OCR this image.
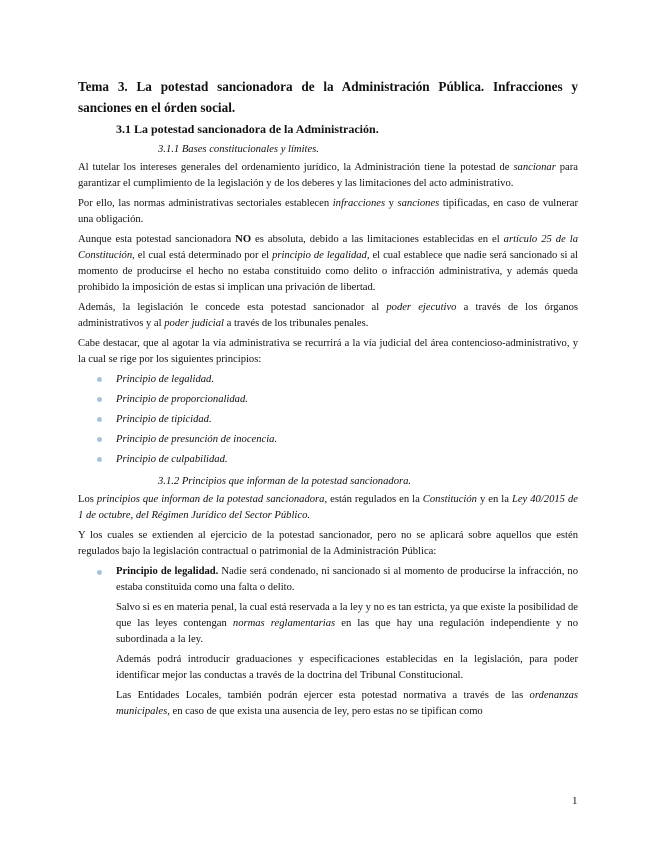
Tema 3. La potestad sancionadora de la Administración Pública. Infracciones y sanciones en el órden social.
3.1 La potestad sancionadora de la Administración.
3.1.1 Bases constitucionales y límites.

Al tutelar los intereses generales del ordenamiento jurídico, la Administración tiene la potestad de sancionar para garantizar el cumplimiento de la legislación y de los deberes y las limitaciones del acto administrativo.

Por ello, las normas administrativas sectoriales establecen infracciones y sanciones tipificadas, en caso de vulnerar una obligación.

Aunque esta potestad sancionadora NO es absoluta, debido a las limitaciones establecidas en el artículo 25 de la Constitución, el cual está determinado por el principio de legalidad, el cual establece que nadie será sancionado si al momento de producirse el hecho no estaba constituido como delito o infracción administrativa, y además queda prohibido la imposición de estas si implican una privación de libertad.

Además, la legislación le concede esta potestad sancionador al poder ejecutivo a través de los órganos administrativos y al poder judicial a través de los tribunales penales.

Cabe destacar, que al agotar la vía administrativa se recurrirá a la vía judicial del área contencioso-administrativo, y la cual se rige por los siguientes principios:

Principio de legalidad.
Principio de proporcionalidad.
Principio de tipicidad.
Principio de presunción de inocencia.
Principio de culpabilidad.
3.1.2 Principios que informan de la potestad sancionadora.

Los principios que informan de la potestad sancionadora, están regulados en la Constitución y en la Ley 40/2015 de 1 de octubre, del Régimen Jurídico del Sector Público.

Y los cuales se extienden al ejercicio de la potestad sancionador, pero no se aplicará sobre aquellos que estén regulados bajo la legislación contractual o patrimonial de la Administración Pública:

Principio de legalidad. Nadie será condenado, ni sancionado si al momento de producirse la infracción, no estaba constituida como una falta o delito.

Salvo si es en materia penal, la cual está reservada a la ley y no es tan estricta, ya que existe la posibilidad de que las leyes contengan normas reglamentarias en las que hay una regulación independiente y no subordinada a la ley.

Además podrá introducir graduaciones y especificaciones establecidas en la legislación, para poder identificar mejor las conductas a través de la doctrina del Tribunal Constitucional.

Las Entidades Locales, también podrán ejercer esta potestad normativa a través de las ordenanzas municipales, en caso de que exista una ausencia de ley, pero estas no se tipifican como

1
